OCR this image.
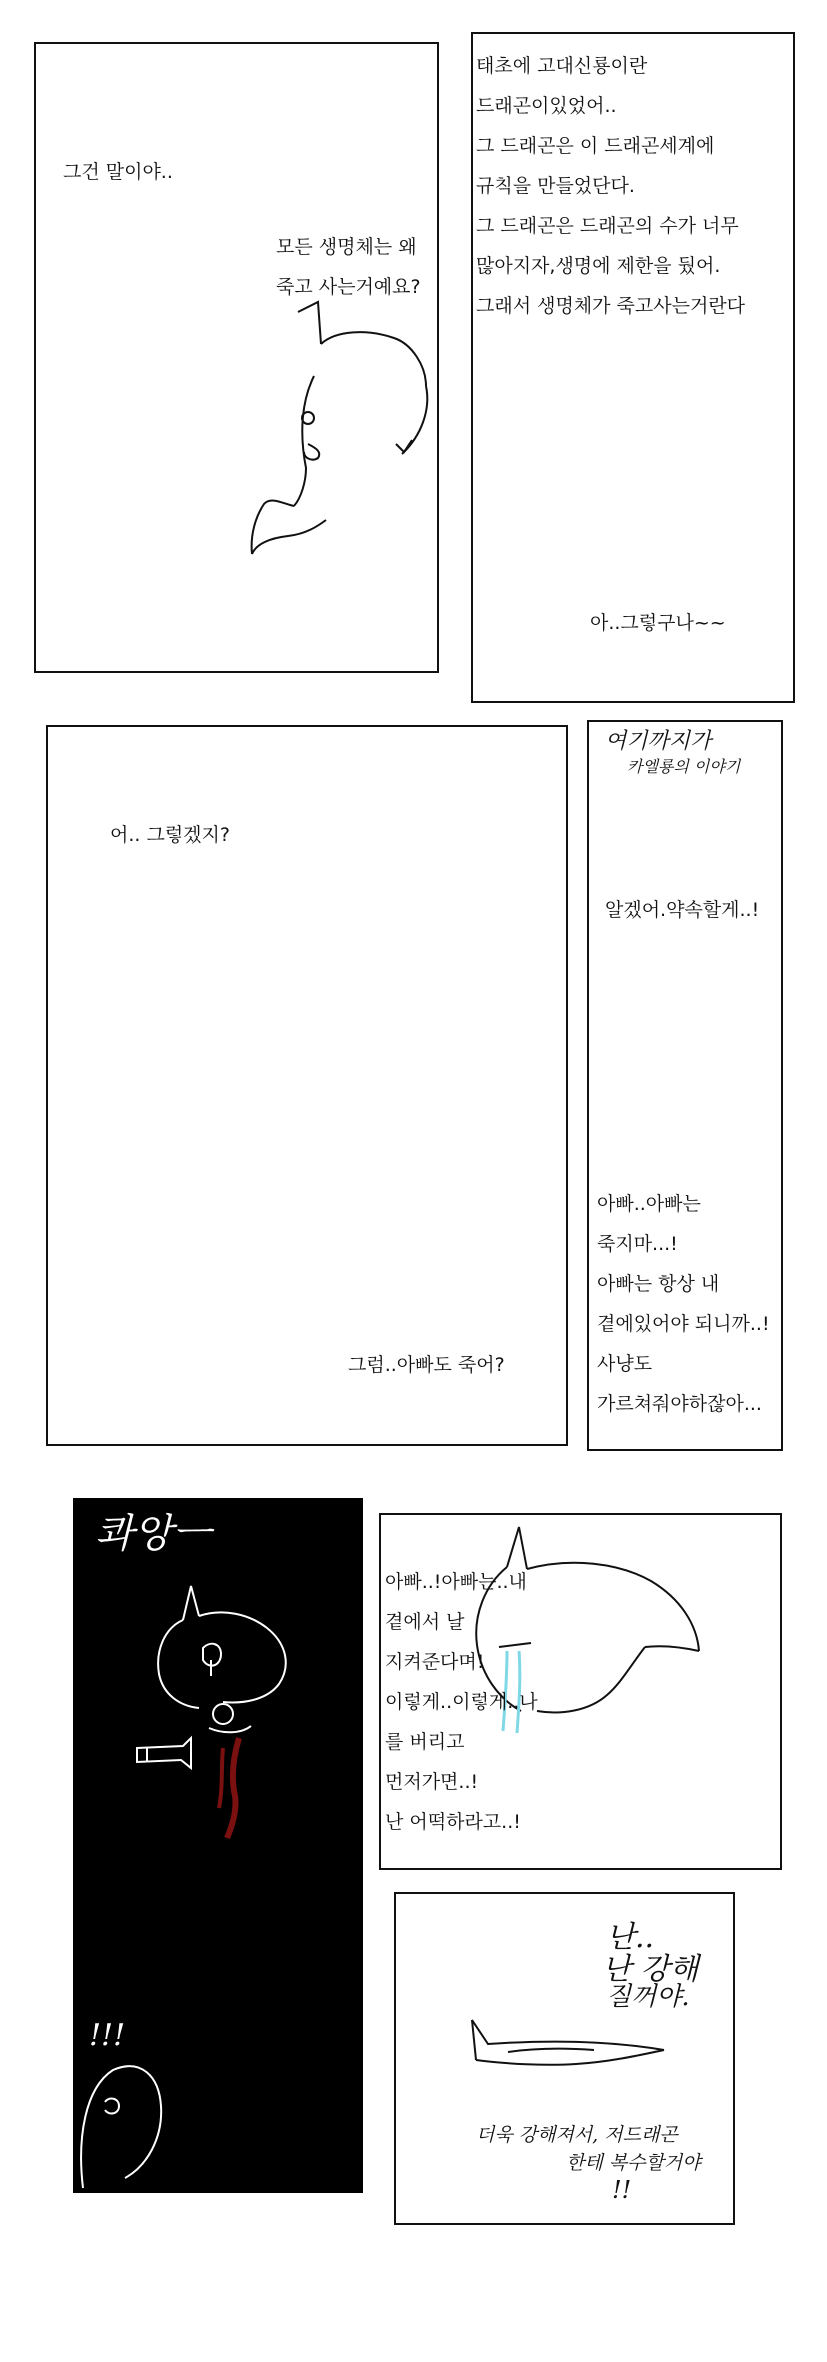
그건 말이야..
모든 생명체는 왜
죽고 사는거예요?
태초에 고대신룡이란
드래곤이있었어..
그 드래곤은 이 드래곤세계에
규칙을 만들었단다.
그 드래곤은 드래곤의 수가 너무
많아지자,생명에 제한을 뒀어.
그래서 생명체가 죽고사는거란다
아..그렇구나~~
어.. 그렇겠지?
그럼..아빠도 죽어?
여기까지가
카엘룡의 이야기
알겠어.약속할게..!
아빠..아빠는
죽지마...!
아빠는 항상 내
곁에있어야 되니까..!
사냥도
가르쳐줘야하잖아...
콰앙ㅡ
!!!
아빠..!아빠는..내
곁에서 날
지켜준다며!
이렇게..이렇게..나
를 버리고
먼저가면..!
난 어떡하라고..!
난..
난 강해
질꺼야.
더욱 강해져서, 저드래곤
한테 복수할거야
!!
